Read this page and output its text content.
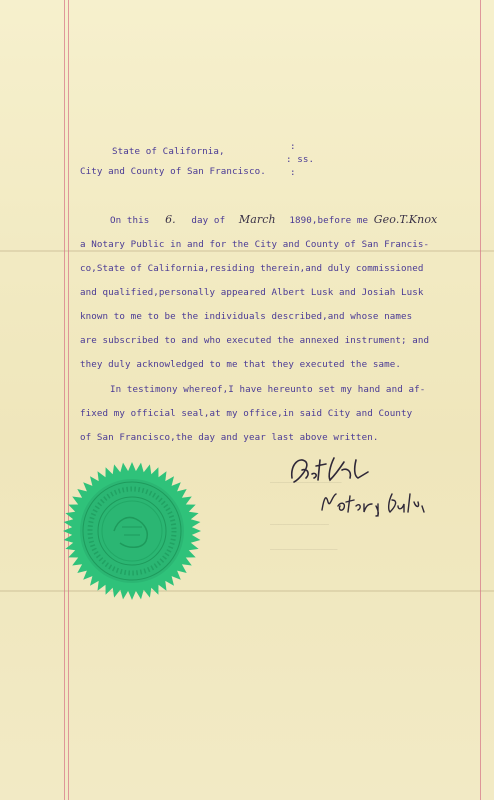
State of California,	:
: ss.
City and County of San Francisco.	:
On this 6. day of March 1890,before me Geo.T.Knox
a Notary Public in and for the City and County of San Francis-
co,State of California,residing therein,and duly commissioned
and qualified,personally appeared Albert Lusk and Josiah Lusk
known to me to be the individuals described,and whose names
are subscribed to and who executed the annexed instrument; and
they duly acknowledged to me that they executed the same.
In testimony whereof,I have hereunto set my hand and af-
fixed my official seal,at my office,in said City and County
of San Francisco,the day and year last above written.
—————————————————
——————————————
————————————————
